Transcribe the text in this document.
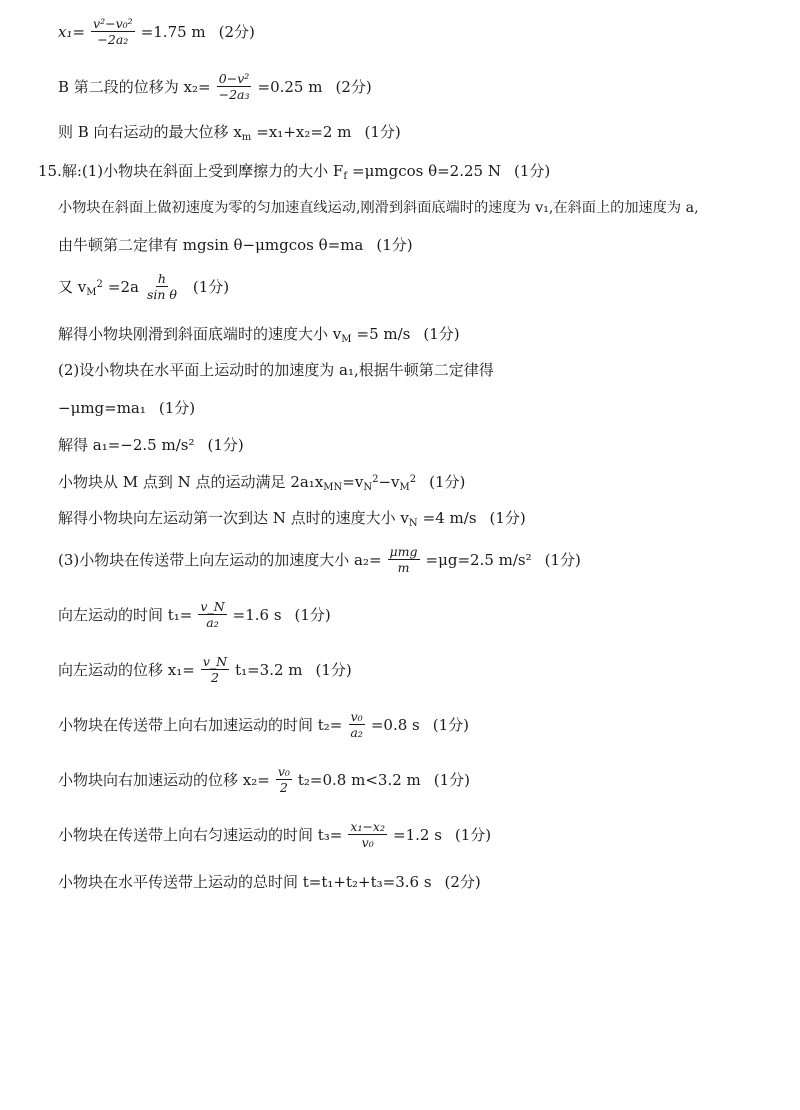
$x_1= \frac{\text{v²−v₀²}}{\text{−2a₂}} =1.75$ m (2分)
B 第二段的位移为 $x_2= \frac{\text{0−v²}}{\text{−2a₃}} =0.25$ m (2分)
则 B 向右运动的最大位移 $x_m =x_1+x_2=2$ m (1分)
15.解:(1)小物块在斜面上受到摩擦力的大小 $F_f =\mu mgcos$ θ=2.25 N (1分)
小物块在斜面上做初速度为零的匀加速直线运动,刚滑到斜面底端时的速度为 v₁,在斜面上的加速度为 a,
由牛顿第二定律有 mgsin θ−μmgcos θ=ma (1分)
又 $v_M^2 =2a \frac{h}{\text{sin θ}} (1$分)
解得小物块刚滑到斜面底端时的速度大小 $v_M =5$ m/s (1分)
(2)设小物块在水平面上运动时的加速度为 a₁,根据牛顿第二定律得
−μmg=ma₁ (1分)
解得 a₁=−2.5 m/s² (1分)
小物块从 M 点到 N 点的运动满足 $2a_1x_{MN}=v_N^2-v_M^2$ (1分)
解得小物块向左运动第一次到达 N 点时的速度大小 $v_N =4$ m/s (1分)
(3)小物块在传送带上向左运动的加速度大小 $a_2= \frac{\text{μmg}}{m} =\mu g=2.5$ m/s² (1分)
向左运动的时间 $t_1= \frac{v\_N}{\text{a₂}} =1.6$ s (1分)
向左运动的位移 $x_1= \frac{v\_N}{2} t_1=3.2$ m (1分)
小物块在传送带上向右加速运动的时间 $t_2= \frac{\text{v₀}}{\text{a₂}} =0.8$ s (1分)
小物块向右加速运动的位移 $x_2= \frac{\text{v₀}}{2} t_2=0.8$ m<3.2 m (1分)
小物块在传送带上向右匀速运动的时间 $t_3= \frac{\text{x₁−x₂}}{\text{v₀}} =1.2$ s (1分)
小物块在水平传送带上运动的总时间 t=t₁+t₂+t₃=3.6 s (2分)
